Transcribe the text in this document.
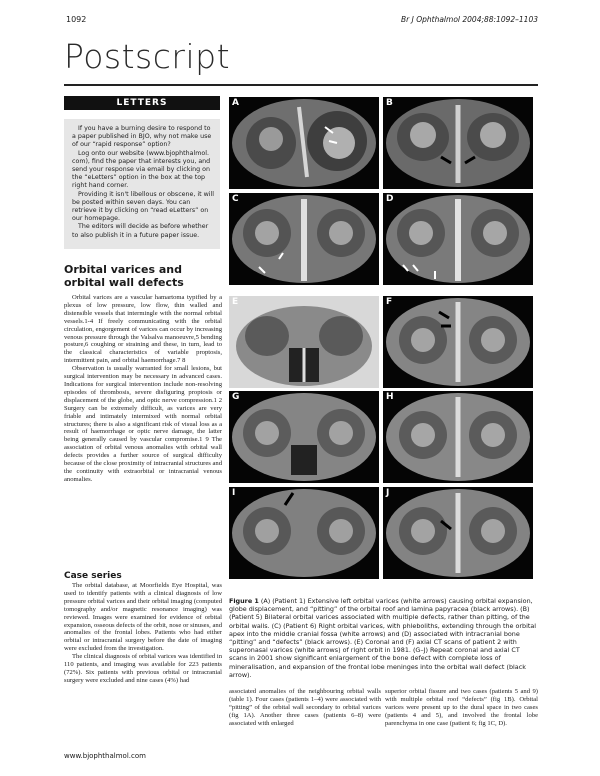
1092	Br J Ophthalmol 2004;88:1092–1103
Postscript
LETTERS

If you have a burning desire to respond to a paper published in BJO, why not make use of our “rapid response” option?

Log onto our website (www.bjophthalmol. com), find the paper that interests you, and send your response via email by clicking on the “eLetters” option in the box at the top right hand corner.

Providing it isn't libellous or obscene, it will be posted within seven days. You can retrieve it by clicking on “read eLetters” on our homepage.

The editors will decide as before whether to also publish it in a future paper issue.

Orbital varices and orbital wall defects

Orbital varices are a vascular hamartoma typified by a plexus of low pressure, low flow, thin walled and distensible vessels that intermingle with the normal orbital vessels.1-4 If freely communicating with the orbital circulation, engorgement of varices can occur by increasing venous pressure through the Valsalva manoeuvre,5 bending posture,6 coughing or straining and these, in turn, lead to the classical characteristics of variable proptosis, intermittent pain, and orbital haemorrhage.7 8

Observation is usually warranted for small lesions, but surgical intervention may be necessary in advanced cases. Indications for surgical intervention include non-resolving episodes of thrombosis, severe disfiguring proptosis or displacement of the globe, and optic nerve compression.1 2 Surgery can be extremely difficult, as varices are very friable and intimately intermixed with normal orbital structures; there is also a significant risk of visual loss as a result of haemorrhage or optic nerve damage, the latter being generally caused by vascular compromise.1 9 The association of orbital venous anomalies with orbital wall defects provides a further source of surgical difficulty because of the close proximity of intracranial structures and the continuity with extraorbital or intracranial venous anomalies.

Case series

The orbital database, at Moorfields Eye Hospital, was used to identify patients with a clinical diagnosis of low pressure orbital varices and their orbital imaging (computed tomography and/or magnetic resonance imaging) was reviewed. Images were examined for evidence of orbital expansion, osseous defects of the orbit, nose or sinuses, and anomalies of the frontal lobes. Patients who had either orbital or intracranial surgery before the date of imaging were excluded from the investigation.

The clinical diagnosis of orbital varices was identified in 110 patients, and imaging was available for 223 patients (72%). Six patients with previous orbital or intracranial surgery were excluded and nine cases (4%) had

A	B
C	D
E	F
G	H
I	J
Figure 1 (A) (Patient 1) Extensive left orbital varices (white arrows) causing orbital expansion, globe displacement, and “pitting” of the orbital roof and lamina papyracea (black arrows). (B) (Patient 5) Bilateral orbital varices associated with multiple defects, rather than pitting, of the orbital walls. (C) (Patient 6) Right orbital varices, with phleboliths, extending through the orbital apex into the middle cranial fossa (white arrows) and (D) associated with intracranial bone “pitting” and “defects” (black arrows). (E) Coronal and (F) axial CT scans of patient 2 with superonasal varices (white arrows) of right orbit in 1981. (G–J) Repeat coronal and axial CT scans in 2001 show significant enlargement of the bone defect with complete loss of mineralisation, and expansion of the frontal lobe meninges into the orbital wall defect (black arrow).

associated anomalies of the neighbouring orbital walls (table 1). Four cases (patients 1–4) were associated with “pitting” of the orbital wall secondary to orbital varices (fig 1A). Another three cases (patients 6–8) were associated with enlarged

superior orbital fissure and two cases (patients 5 and 9) with multiple orbital roof “defects” (fig 1B). Orbital varices were present up to the dural space in two cases (patients 4 and 5), and involved the frontal lobe parenchyma in one case (patient 6; fig 1C, D).

www.bjophthalmol.com
